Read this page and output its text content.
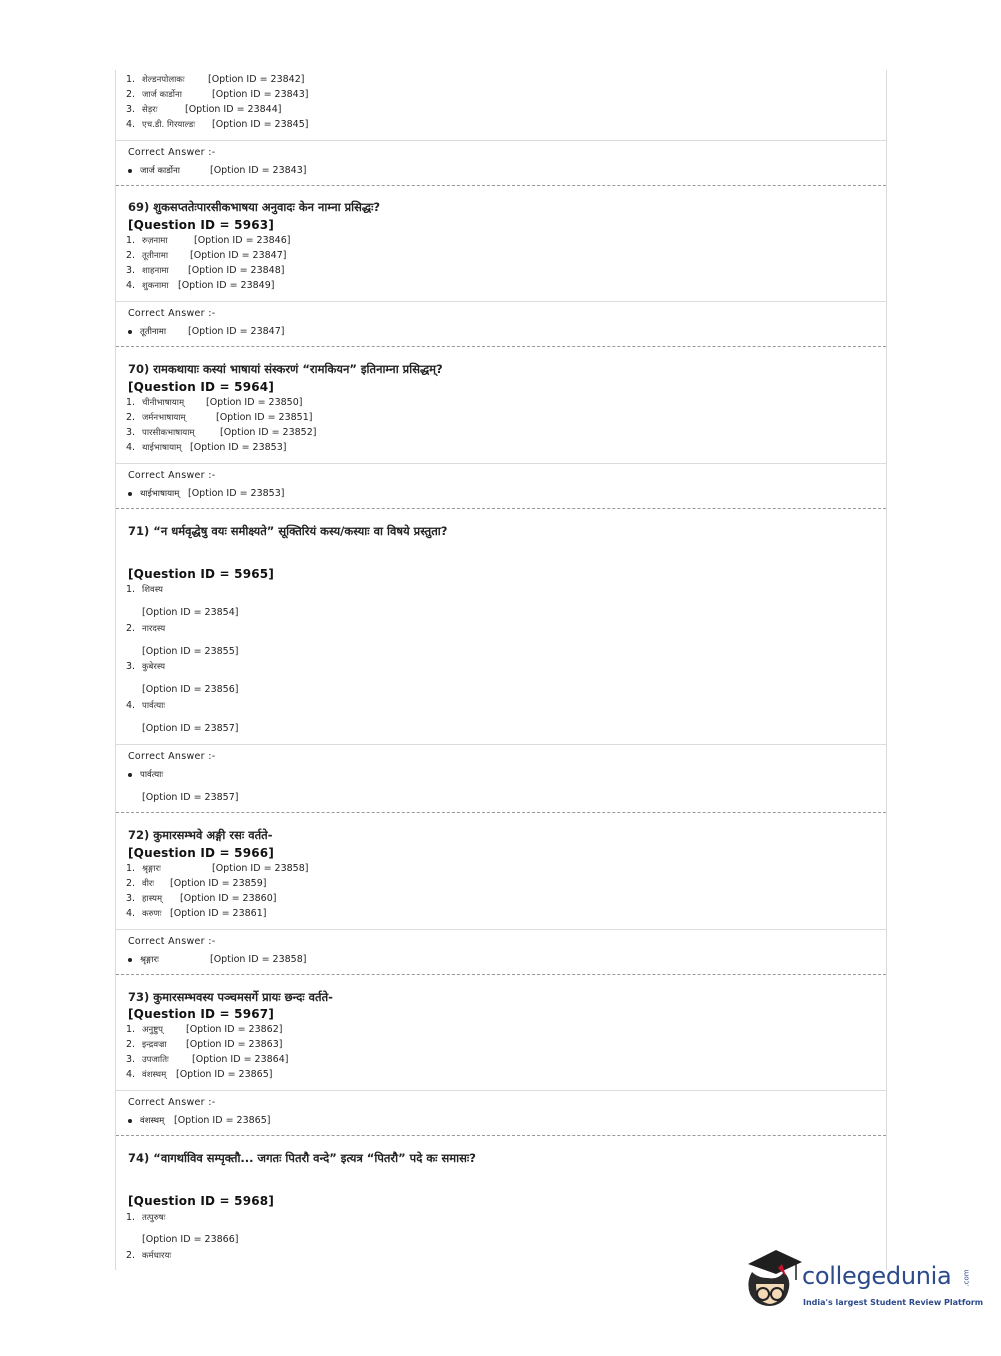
1. शेल्डनपोलाकः [Option ID = 23842]
2. जार्ज कार्डोना	[Option ID = 23843]
3. सेड़रः	[Option ID = 23844]
4. एच.डी. गिरयाल्डः [Option ID = 23845]
Correct Answer :-
जार्ज कार्डोना	[Option ID = 23843]
69) शुकसप्ततेःपारसीकभाषया अनुवादः केन नाम्ना प्रसिद्धः?
[Question ID = 5963]
1. रुज़नामा	[Option ID = 23846]
2. तूतीनामा [Option ID = 23847]
3. शाहनामा [Option ID = 23848]
4. शुकनामा [Option ID = 23849]
Correct Answer :-
तूतीनामा [Option ID = 23847]
70) रामकथायाः कस्यां भाषायां संस्करणं “रामकियन” इतिनाम्ना प्रसिद्धम्?
[Question ID = 5964]
1. चीनीभाषायाम् [Option ID = 23850]
2. जर्मनभाषायाम्	[Option ID = 23851]
3. पारसीकभाषायाम्	[Option ID = 23852]
4. थाईभाषायाम् [Option ID = 23853]
Correct Answer :-
थाईभाषायाम् [Option ID = 23853]
71) “न धर्मवृद्धेषु वयः समीक्ष्यते” सूक्तिरियं कस्य/कस्याः वा विषये प्रस्तुता?
[Question ID = 5965]
1. शिवस्य
[Option ID = 23854]
2. नारदस्य
[Option ID = 23855]
3. कुबेरस्य
[Option ID = 23856]
4. पार्वत्याः
[Option ID = 23857]
Correct Answer :-
पार्वत्याः
[Option ID = 23857]
72) कुमारसम्भवे अङ्गी रसः वर्तते-
[Question ID = 5966]
1. श्रृङ्गारः	[Option ID = 23858]
2. वीरः [Option ID = 23859]
3. हास्यम् [Option ID = 23860]
4. करुणः [Option ID = 23861]
Correct Answer :-
श्रृङ्गारः	[Option ID = 23858]
73) कुमारसम्भवस्य पञ्चमसर्गे प्रायः छन्दः वर्तते-
[Question ID = 5967]
1. अनुष्टुप् [Option ID = 23862]
2. इन्द्रवज्रा [Option ID = 23863]
3. उपजातिः [Option ID = 23864]
4. वंशस्थम् [Option ID = 23865]
Correct Answer :-
वंशस्थम् [Option ID = 23865]
74) “वागर्थाविव सम्पृक्तौ... जगतः पितरौ वन्दे” इत्यत्र “पितरौ” पदे कः समासः?
[Question ID = 5968]
1. तत्पुरुषः
[Option ID = 23866]
2. कर्मधारयः
collegedunia .com
India's largest Student Review Platform
